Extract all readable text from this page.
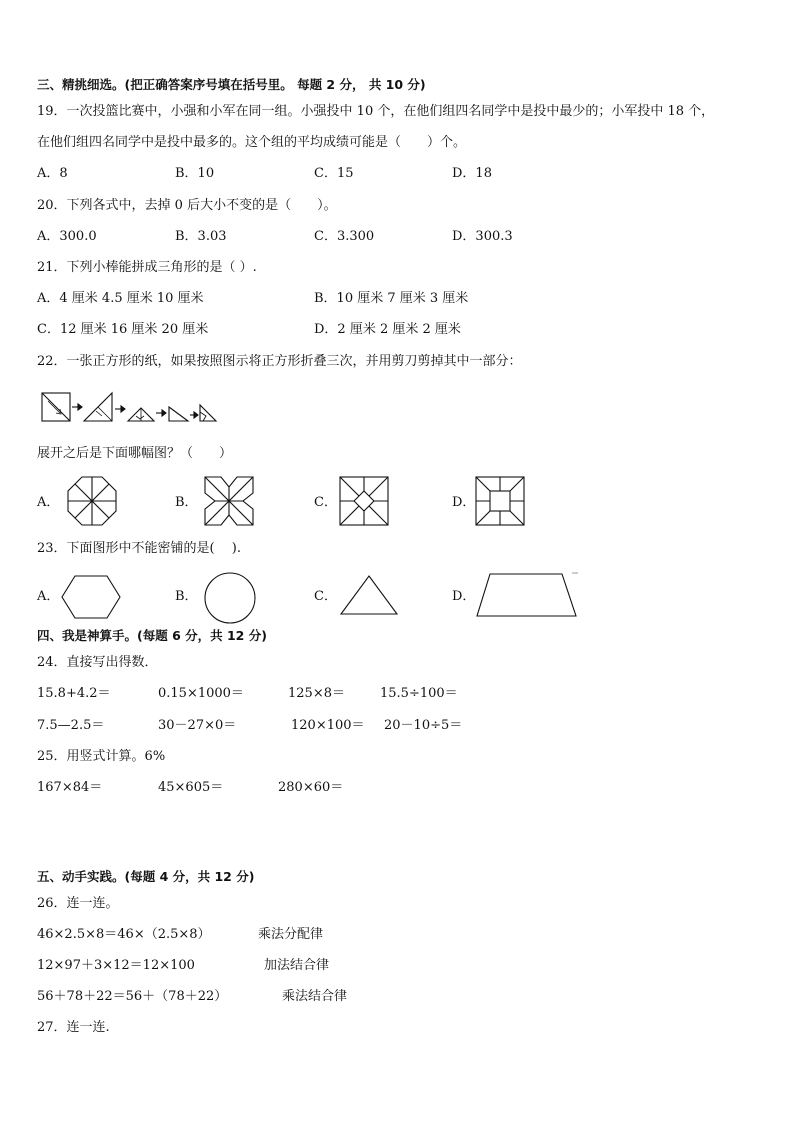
三、精挑细选。(把正确答案序号填在括号里。 每题 2 分， 共 10 分)
19．一次投篮比赛中，小强和小军在同一组。小强投中 10 个，在他们组四名同学中是投中最少的；小军投中 18 个，
在他们组四名同学中是投中最多的。这个组的平均成绩可能是（　　）个。
A．8	B．10	C．15	D．18
20．下列各式中，去掉 0 后大小不变的是（　　）。
A．300.0	B．3.03	C．3.300	D．300.3
21．下列小棒能拼成三角形的是（ ）.
A．4 厘米 4.5 厘米 10 厘米	B．10 厘米 7 厘米 3 厘米
C．12 厘米 16 厘米 20 厘米	D．2 厘米 2 厘米 2 厘米
22．一张正方形的纸，如果按照图示将正方形折叠三次，并用剪刀剪掉其中一部分：
展开之后是下面哪幅图？（　　）
A．	B．	C．	D．
23．下面图形中不能密铺的是(　 ).
A．	B．	C．	D．
四、我是神算手。(每题 6 分，共 12 分)
24．直接写出得数．
15.8+4.2＝	0.15×1000＝	125×8＝	15.5÷100＝
7.5—2.5＝	30－27×0＝	120×100＝ 20－10÷5＝
25．用竖式计算。6%
167×84＝	45×605＝	280×60＝
五、动手实践。(每题 4 分，共 12 分)
26．连一连。
46×2.5×8＝46×（2.5×8）	乘法分配律
12×97＋3×12＝12×100	加法结合律
56＋78＋22＝56＋（78＋22）	乘法结合律
27．连一连.
